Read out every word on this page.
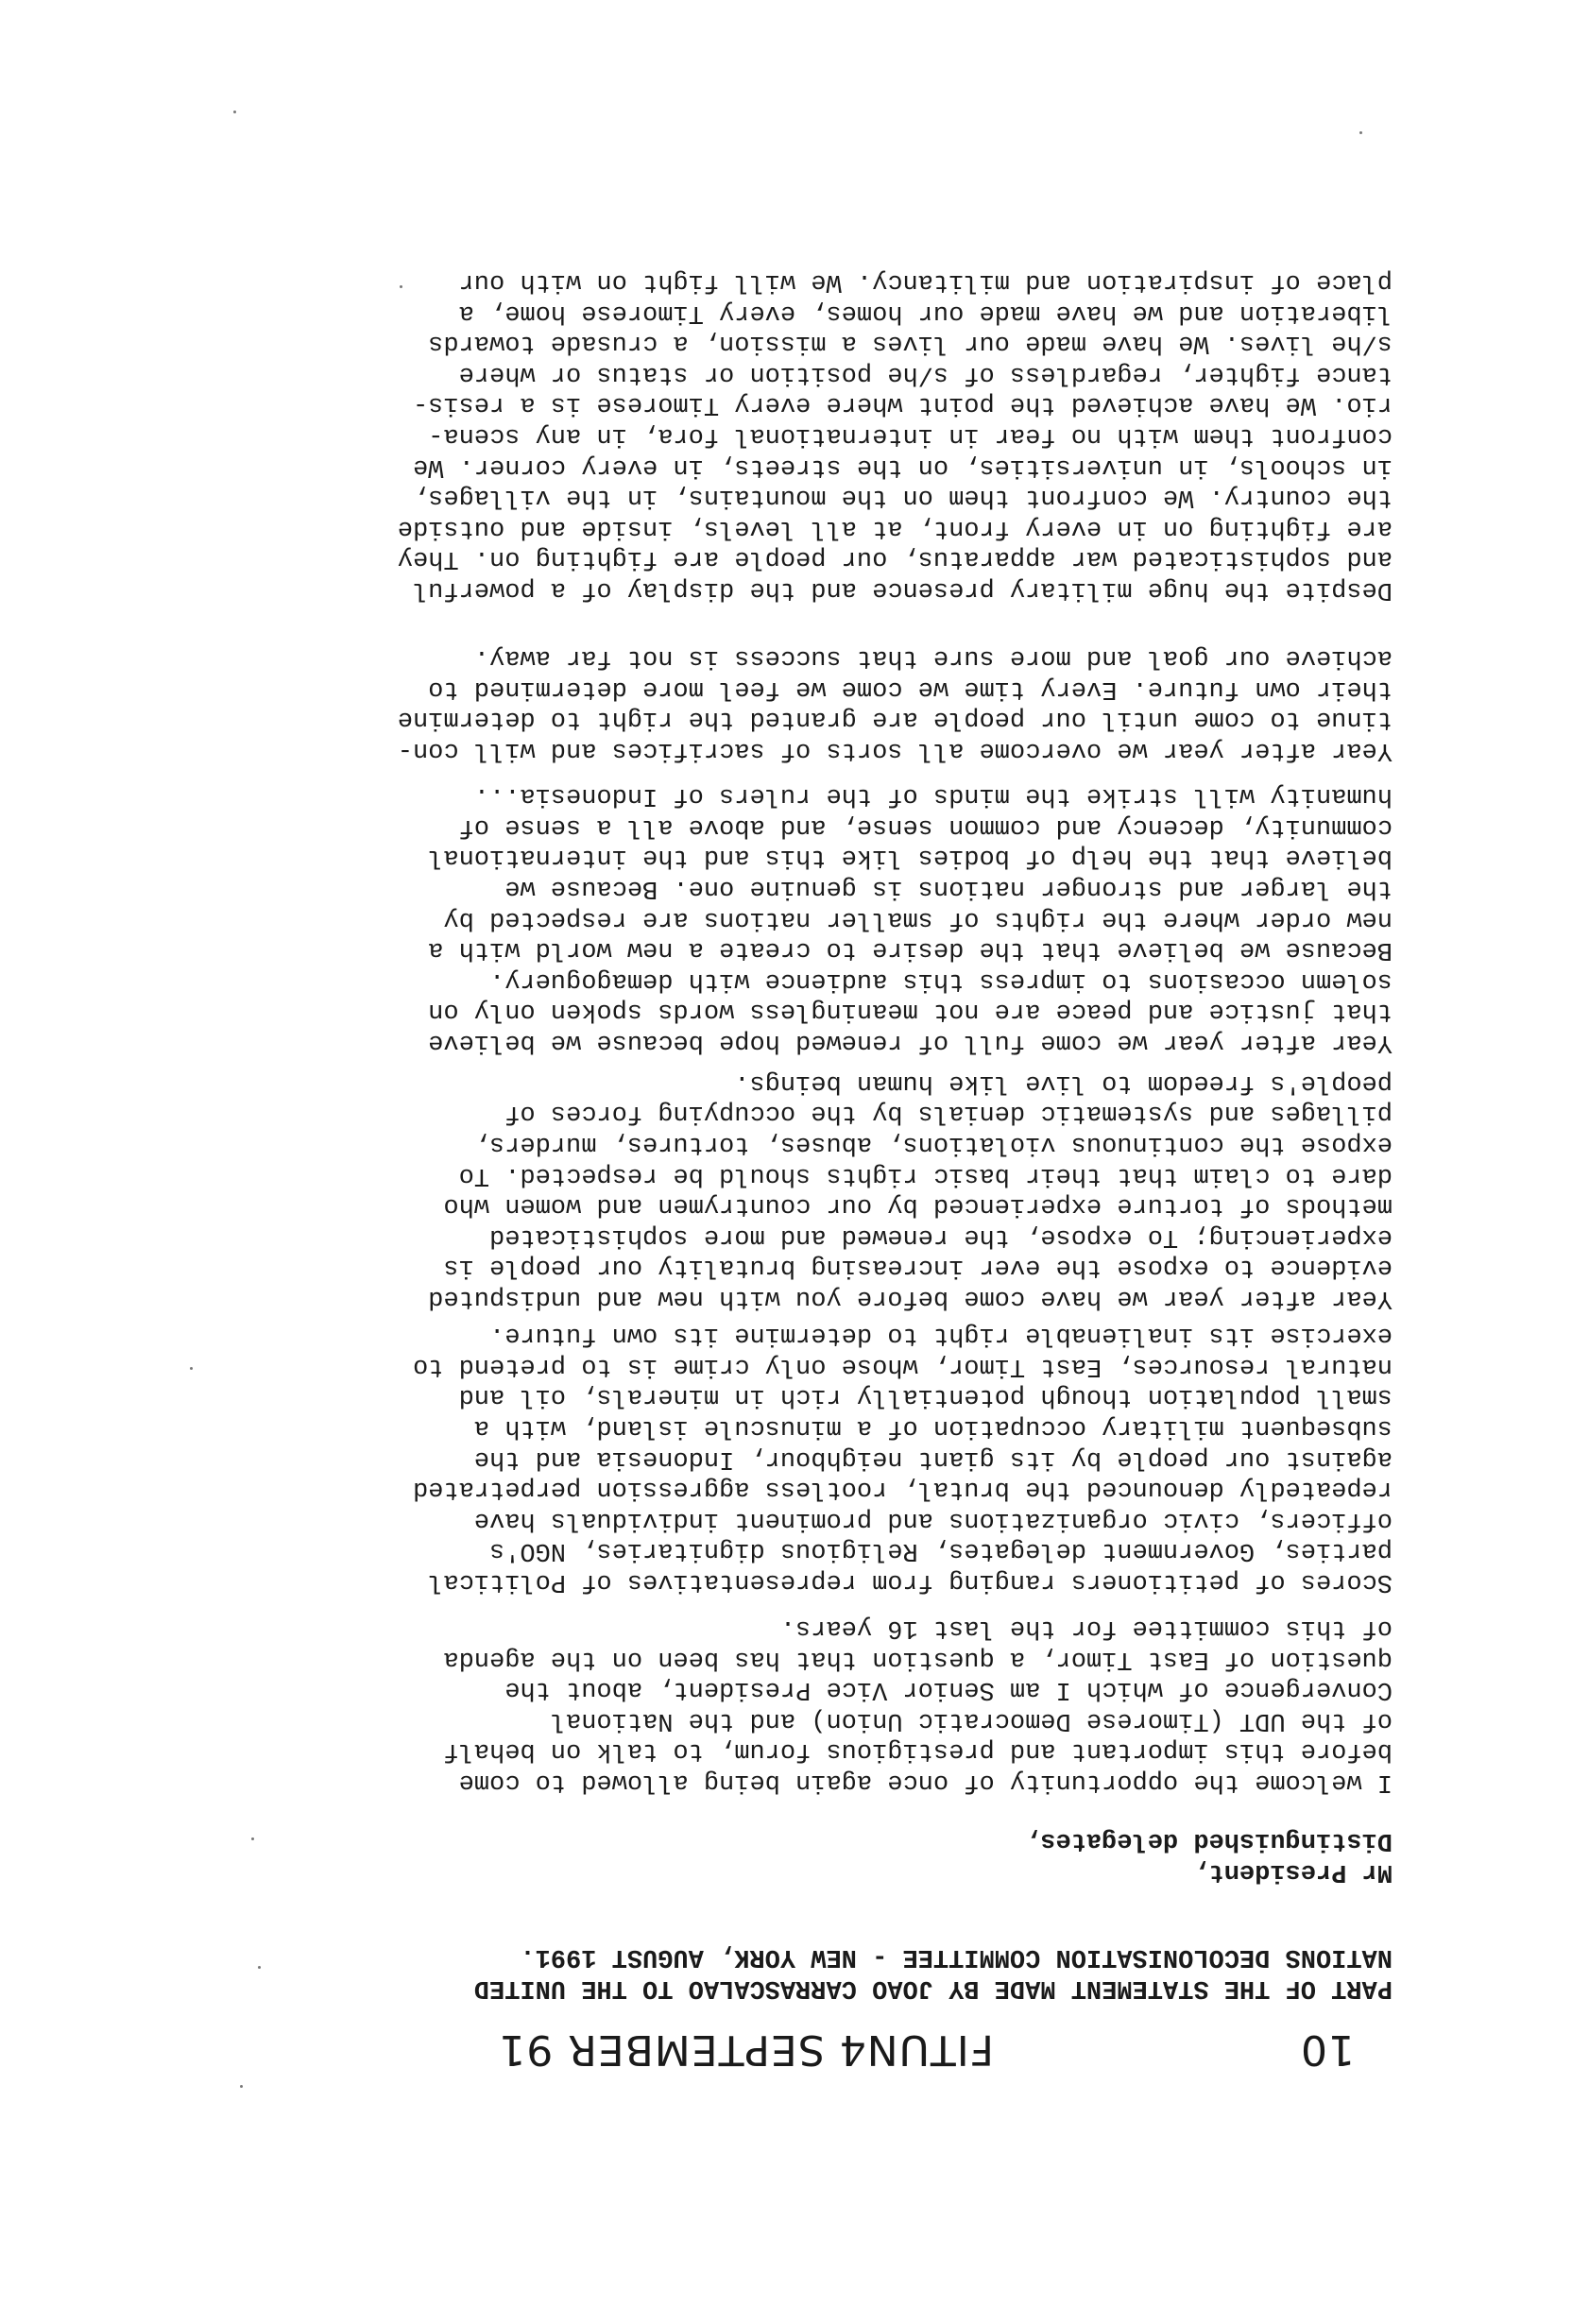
10
FITUN4 SEPTEMBER 91
PART OF THE STATEMENT MADE BY JOAO CARRASCALAO TO THE UNITED
NATIONS DECOLONISATION COMMITTEE - NEW YORK, AUGUST 1991.
Mr President,
Distinguished delegates,
I welcome the opportunity of once again being allowed to come
before this important and prestigious forum, to talk on behalf
of the UDT (Timorese Democratic Union) and the National
Convergence of which I am Senior Vice President, about the
question of East Timor, a question that has been on the agenda
of this committee for the last 16 years.
Scores of petitioners ranging from representatives of Political
parties, Government delegates, Religious dignitaries, NGO's
officers, civic organizations and prominent individuals have
repeatedly denounced the brutal, rootless aggression perpetrated
against our people by its giant neighbour, Indonesia and the
subsequent military occupation of a minuscule island, with a
small population though potentially rich in minerals, oil and
natural resources, East Timor, whose only crime is to pretend to
exercise its inalienable right to determine its own future.
Year after year we have come before you with new and undisputed
evidence to expose the ever increasing brutality our people is
experiencing; To expose, the renewed and more sophisticated
methods of torture experienced by our countrymen and women who
dare to claim that their basic rights should be respected. To
expose the continuous violations, abuses, tortures, murders,
pillages and systematic denials by the occupying forces of
people's freedom to live like human beings.
Year after year we come full of renewed hope because we believe
that justice and peace are not meaningless words spoken only on
solemn occasions to impress this audience with demagoguery.
Because we believe that the desire to create a new world with a
new order where the rights of smaller nations are respected by
the larger and stronger nations is genuine one. Because we
believe that the help of bodies like this and the international
community, decency and common sense, and above all a sense of
humanity will strike the minds of the rulers of Indonesia...
Year after year we overcome all sorts of sacrifices and will con-
tinue to come until our people are granted the right to determine
their own future. Every time we come we feel more determined to
achieve our goal and more sure that success is not far away.
Despite the huge military presence and the display of a powerful
and sophisticated war apparatus, our people are fighting on. They
are fighting on in every front, at all levels, inside and outside
the country. We confront them on the mountains, in the villages,
in schools, in universities, on the streets, in every corner. We
confront them with no fear in international fora, in any scena-
rio. We have achieved the point where every Timorese is a resis-
tance fighter, regardless of s/he position or status or where
s/he lives. We have made our lives a mission, a crusade towards
liberation and we have made our homes, every Timorese home, a
place of inspiration and militancy. We will fight on with our
